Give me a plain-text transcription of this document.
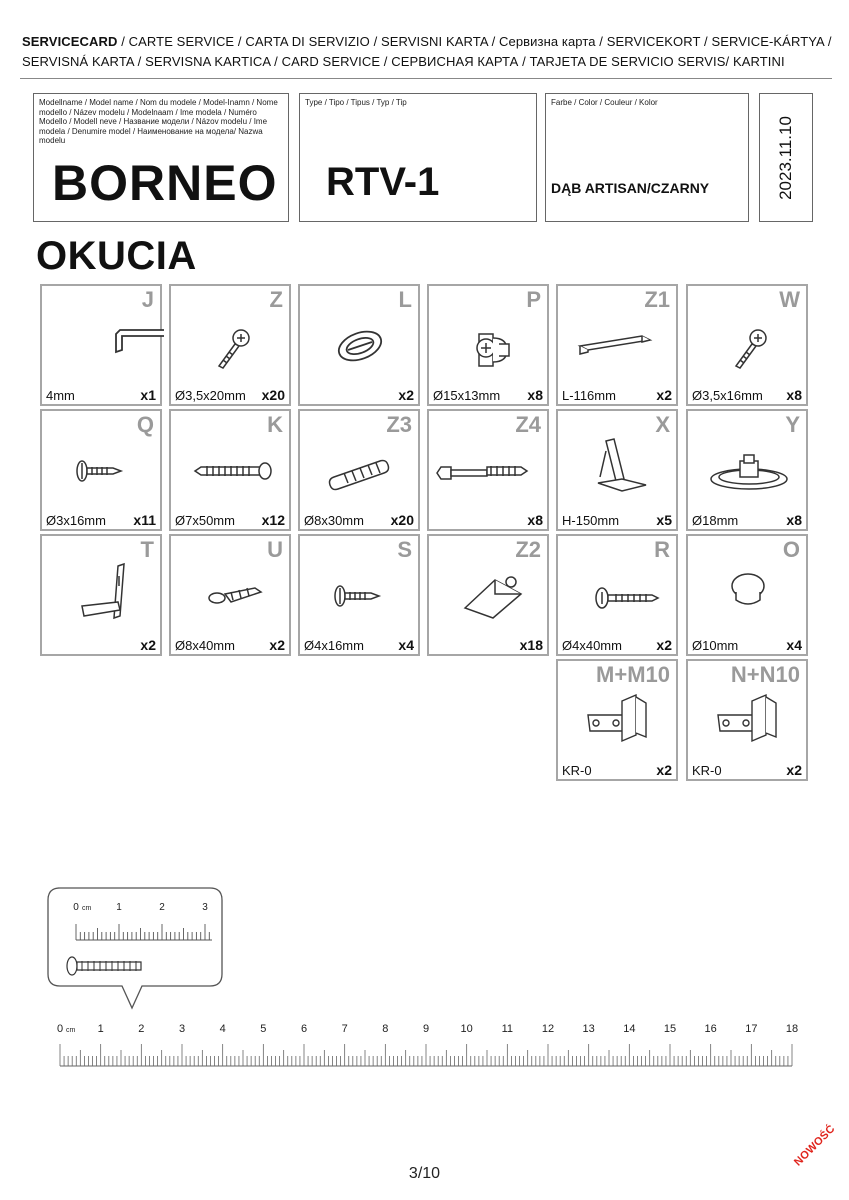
SERVICECARD / CARTE SERVICE / CARTA DI SERVIZIO / SERVISNI KARTA / Сервизна карта / SERVICEKORT / SERVICE-KÁRTYA /
SERVISNÁ KARTA / SERVISNA KARTICA / CARD SERVICE / СЕРВИСНАЯ КАРТА / TARJETA DE SERVICIO SERVIS/ KARTINI
Modellname / Model name / Nom du modele / Model-Inamn / Nome modello / Název modelu / Modelnaam / Ime modela / Numéro Modello / Modell neve / Название модели / Názov modelu / Ime modela / Denumire model / Наименование на модела/ Nazwa modelu
BORNEO
Type / Tipo / Tipus / Typ / Tip
RTV-1
Farbe / Color / Couleur / Kolor
DĄB ARTISAN/CZARNY	2023.11.10
OKUCIA
J
4mm	x1
Z
Ø3,5x20mm x20
L
x2
P
Ø15x13mm x8
Z1
L-116mm	x2
W
Ø3,5x16mm x8
Q
Ø3x16mm x11
K
Ø7x50mm x12
Z3
Ø8x30mm x20
Z4
x8
X
H-150mm	x5
Y
Ø18mm	x8
T
x2
U
Ø8x40mm x2
S
Ø4x16mm x4
Z2
x18
R
Ø4x40mm x2
O
Ø10mm	x4
M+M10
KR-0	x2
N+N10
KR-0	x2
0	1	2	3
cm
0	1	2	3	4	5	6	7	8	9	10	11	12	13	14	15	16	17	18
cm
3/10
NOWOŚĆ
